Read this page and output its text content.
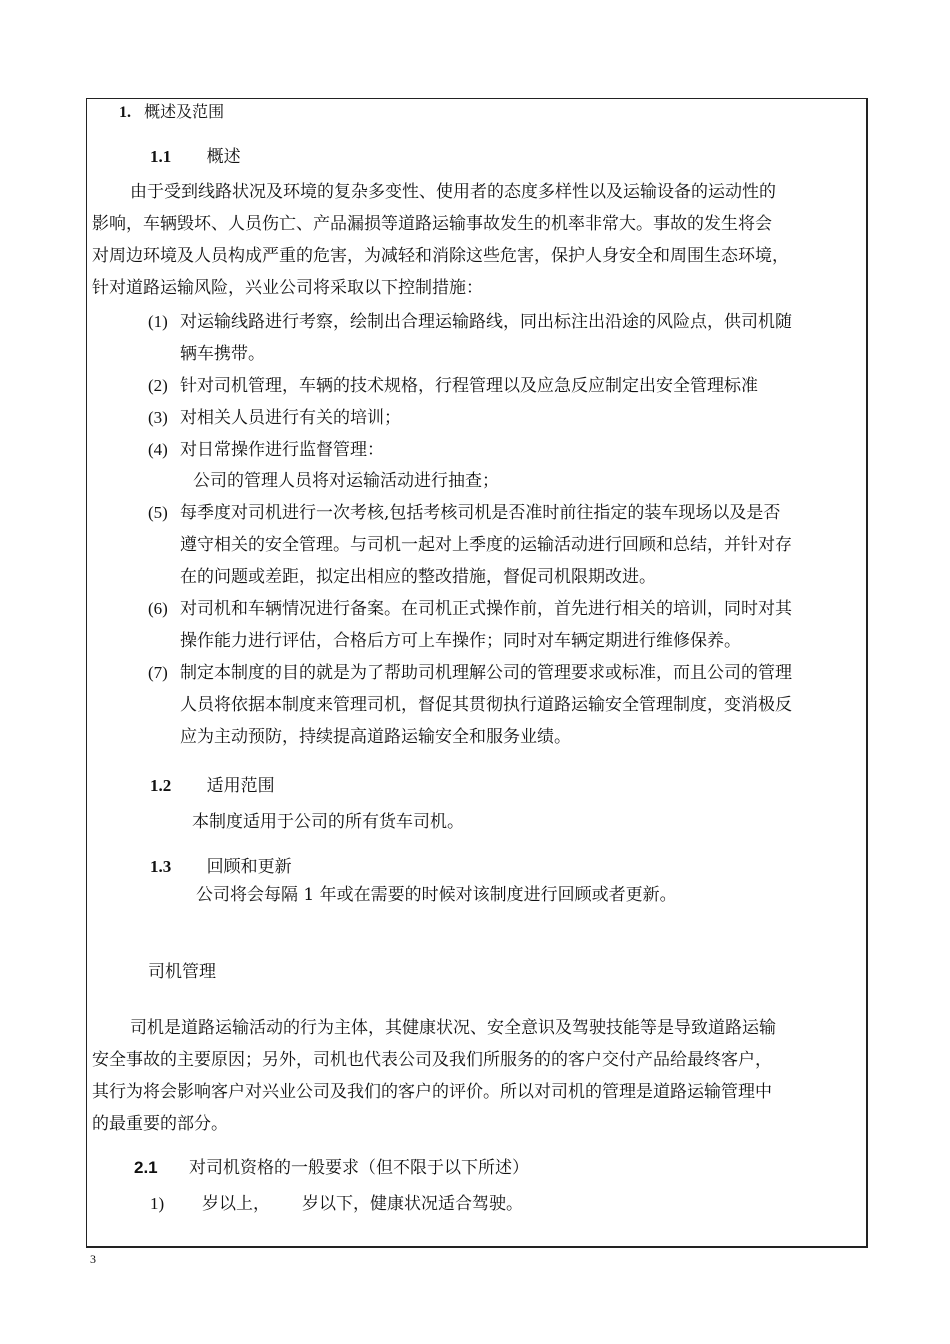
1. 概述及范围
1.1 概述
由于受到线路状况及环境的复杂多变性、使用者的态度多样性以及运输设备的运动性的
影响，车辆毁坏、人员伤亡、产品漏损等道路运输事故发生的机率非常大。事故的发生将会
对周边环境及人员构成严重的危害，为减轻和消除这些危害，保护人身安全和周围生态环境，
针对道路运输风险，兴业公司将采取以下控制措施：
(1) 对运输线路进行考察，绘制出合理运输路线，同出标注出沿途的风险点，供司机随
辆车携带。
(2) 针对司机管理，车辆的技术规格，行程管理以及应急反应制定出安全管理标准
(3) 对相关人员进行有关的培训；
(4) 对日常操作进行监督管理：
公司的管理人员将对运输活动进行抽查；
(5) 每季度对司机进行一次考核,包括考核司机是否准时前往指定的装车现场以及是否
遵守相关的安全管理。与司机一起对上季度的运输活动进行回顾和总结，并针对存
在的问题或差距，拟定出相应的整改措施，督促司机限期改进。
(6) 对司机和车辆情况进行备案。在司机正式操作前，首先进行相关的培训，同时对其
操作能力进行评估，合格后方可上车操作；同时对车辆定期进行维修保养。
(7) 制定本制度的目的就是为了帮助司机理解公司的管理要求或标准，而且公司的管理
人员将依据本制度来管理司机，督促其贯彻执行道路运输安全管理制度，变消极反
应为主动预防，持续提高道路运输安全和服务业绩。
1.2 适用范围
本制度适用于公司的所有货车司机。
1.3 回顾和更新
公司将会每隔 1 年或在需要的时候对该制度进行回顾或者更新。
司机管理
司机是道路运输活动的行为主体，其健康状况、安全意识及驾驶技能等是导致道路运输
安全事故的主要原因；另外，司机也代表公司及我们所服务的的客户交付产品给最终客户，
其行为将会影响客户对兴业公司及我们的客户的评价。所以对司机的管理是道路运输管理中
的最重要的部分。
2.1 对司机资格的一般要求（但不限于以下所述）
1) 岁以上， 岁以下，健康状况适合驾驶。
3
